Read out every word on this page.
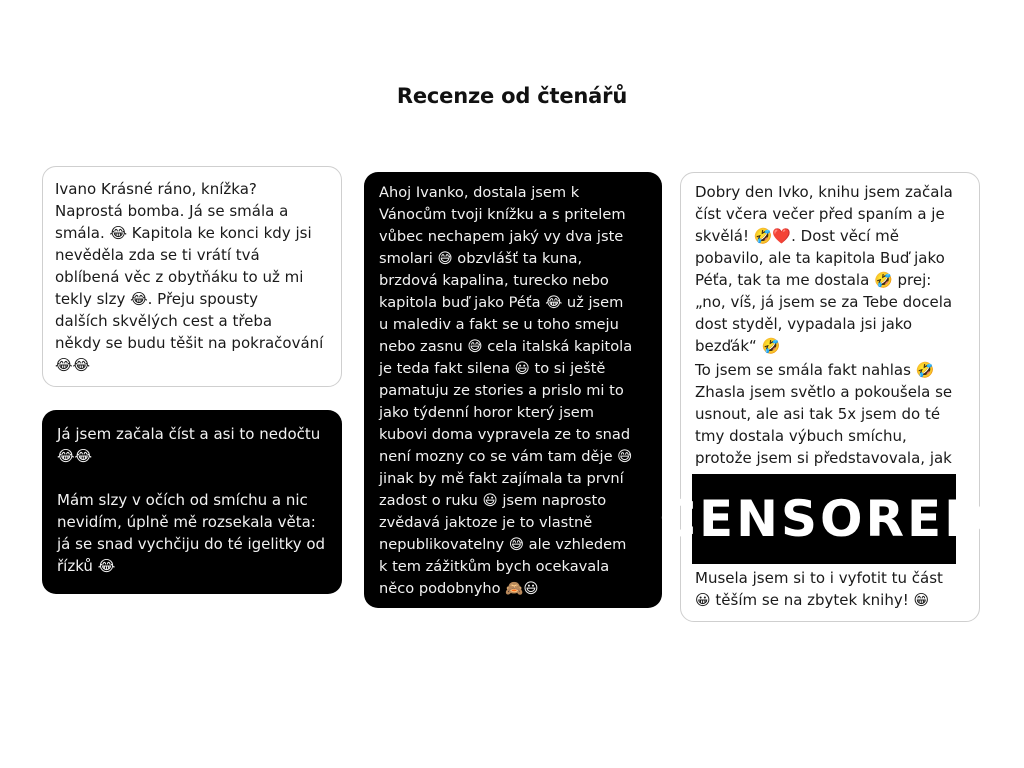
Recenze od čtenářů

Ivano Krásné ráno, knížka?
Naprostá bomba. Já se smála a
smála. 😂 Kapitola ke konci kdy jsi
nevěděla zda se ti vrátí tvá
oblíbená věc z obytňáku to už mi
tekly slzy 😂. Přeju spousty
dalších skvělých cest a třeba
někdy se budu těšit na pokračování
😂😂

Já jsem začala číst a asi to nedočtu
😂😂

Mám slzy v očích od smíchu a nic
nevidím, úplně mě rozsekala věta:
já se snad vychčiju do té igelitky od
řízků 😂

Ahoj Ivanko, dostala jsem k
Vánocům tvoji knížku a s pritelem
vůbec nechapem jaký vy dva jste
smolari 😅 obzvlášť ta kuna,
brzdová kapalina, turecko nebo
kapitola buď jako Péťa 😂 už jsem
u malediv a fakt se u toho smeju
nebo zasnu 😅 cela italská kapitola
je teda fakt silena 😃 to si ještě
pamatuju ze stories a prislo mi to
jako týdenní horor který jsem
kubovi doma vypravela ze to snad
není mozny co se vám tam děje 😅
jinak by mě fakt zajímala ta první
zadost o ruku 😃 jsem naprosto
zvědavá jaktoze je to vlastně
nepublikovatelny 😅 ale vzhledem
k tem zážitkům bych ocekavala
něco podobnyho 🙈😃

Dobry den Ivko, knihu jsem začala
číst včera večer před spaním a je
skvělá! 🤣❤️. Dost věcí mě
pobavilo, ale ta kapitola Buď jako
Péťa, tak ta me dostala 🤣 prej:
„no, víš, já jsem se za Tebe docela
dost styděl, vypadala jsi jako
bezďák“ 🤣

To jsem se smála fakt nahlas 🤣
Zhasla jsem světlo a pokoušela se
usnout, ale asi tak 5x jsem do té
tmy dostala výbuch smíchu,
protože jsem si představovala, jak

Musela jsem si to i vyfotit tu část
😀 těším se na zbytek knihy! 😁

CENSORED
